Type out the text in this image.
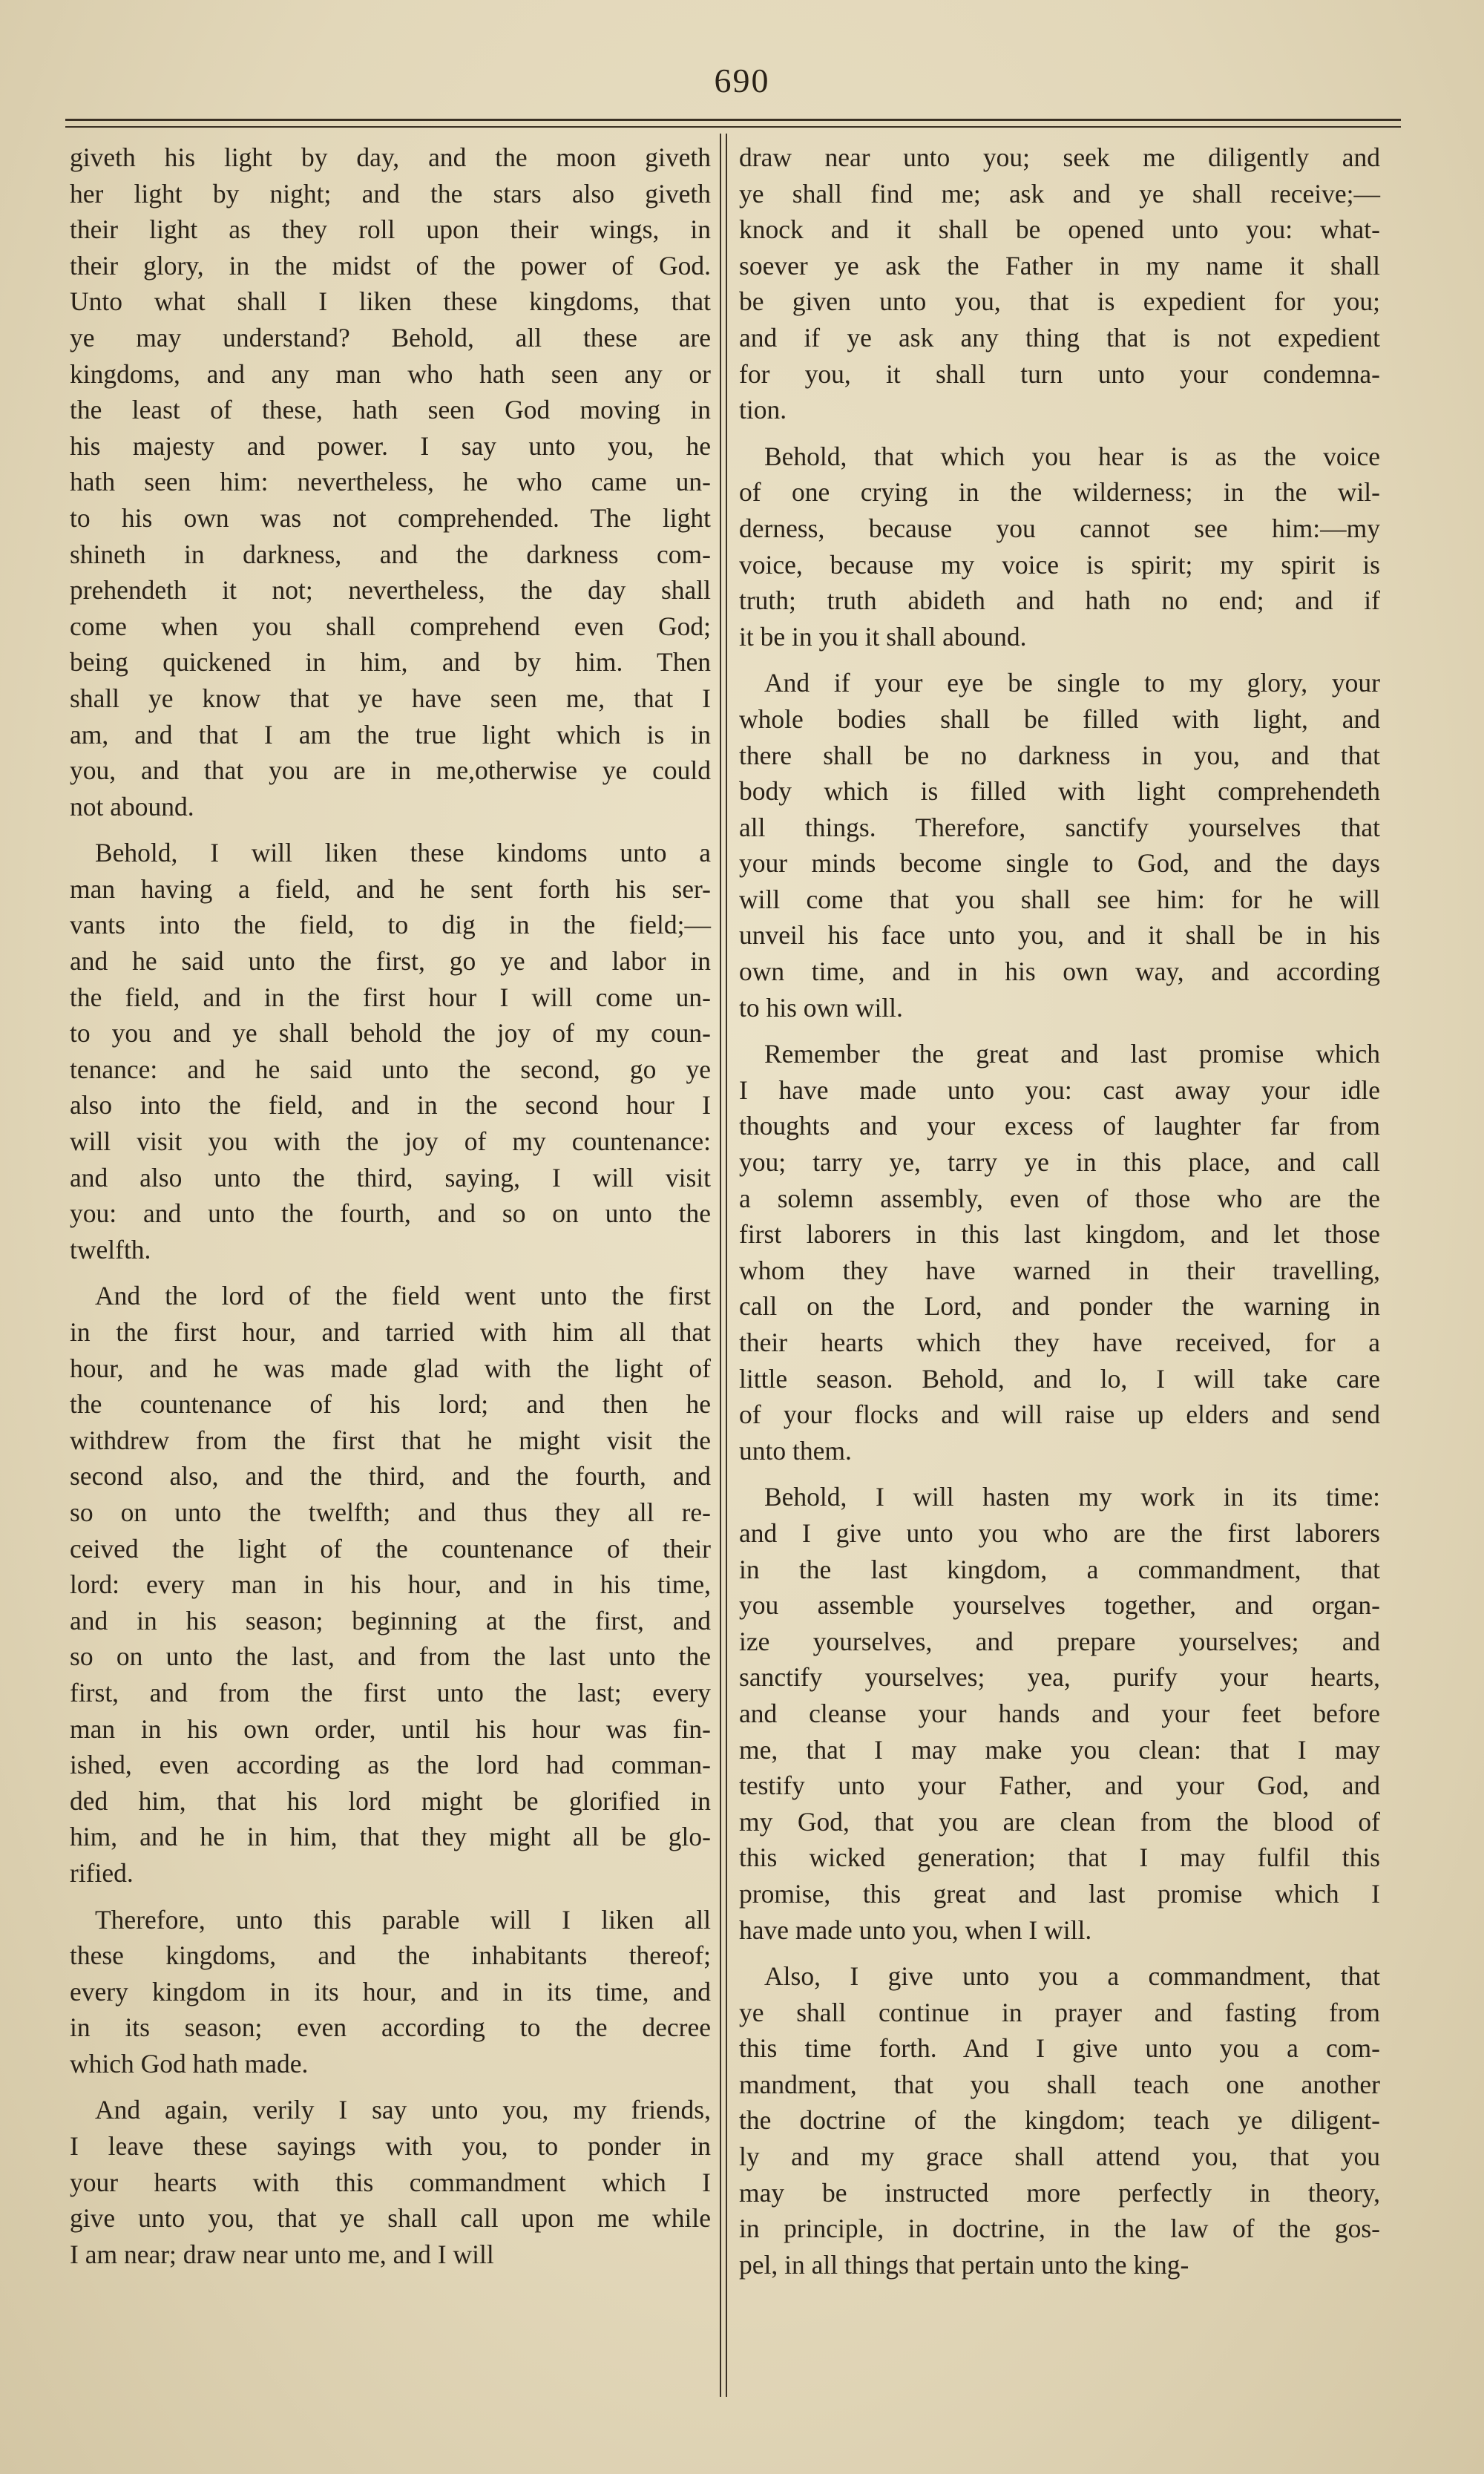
690
giveth his light by day, and the moon giveth
her light by night; and the stars also giveth
their light as they roll upon their wings, in
their glory, in the midst of the power of God.
Unto what shall I liken these kingdoms, that
ye may understand? Behold, all these are
kingdoms, and any man who hath seen any or
the least of these, hath seen God moving in
his majesty and power. I say unto you, he
hath seen him: nevertheless, he who came un-
to his own was not comprehended. The light
shineth in darkness, and the darkness com-
prehendeth it not; nevertheless, the day shall
come when you shall comprehend even God;
being quickened in him, and by him. Then
shall ye know that ye have seen me, that I
am, and that I am the true light which is in
you, and that you are in me,otherwise ye could
not abound.
Behold, I will liken these kindoms unto a
man having a field, and he sent forth his ser-
vants into the field, to dig in the field;—
and he said unto the first, go ye and labor in
the field, and in the first hour I will come un-
to you and ye shall behold the joy of my coun-
tenance: and he said unto the second, go ye
also into the field, and in the second hour I
will visit you with the joy of my countenance:
and also unto the third, saying, I will visit
you: and unto the fourth, and so on unto the
twelfth.
And the lord of the field went unto the first
in the first hour, and tarried with him all that
hour, and he was made glad with the light of
the countenance of his lord; and then he
withdrew from the first that he might visit the
second also, and the third, and the fourth, and
so on unto the twelfth; and thus they all re-
ceived the light of the countenance of their
lord: every man in his hour, and in his time,
and in his season; beginning at the first, and
so on unto the last, and from the last unto the
first, and from the first unto the last; every
man in his own order, until his hour was fin-
ished, even according as the lord had comman-
ded him, that his lord might be glorified in
him, and he in him, that they might all be glo-
rified.
Therefore, unto this parable will I liken all
these kingdoms, and the inhabitants thereof;
every kingdom in its hour, and in its time, and
in its season; even according to the decree
which God hath made.
And again, verily I say unto you, my friends,
I leave these sayings with you, to ponder in
your hearts with this commandment which I
give unto you, that ye shall call upon me while
I am near; draw near unto me, and I will
draw near unto you; seek me diligently and
ye shall find me; ask and ye shall receive;—
knock and it shall be opened unto you: what-
soever ye ask the Father in my name it shall
be given unto you, that is expedient for you;
and if ye ask any thing that is not expedient
for you, it shall turn unto your condemna-
tion.
Behold, that which you hear is as the voice
of one crying in the wilderness; in the wil-
derness, because you cannot see him:—my
voice, because my voice is spirit; my spirit is
truth; truth abideth and hath no end; and if
it be in you it shall abound.
And if your eye be single to my glory, your
whole bodies shall be filled with light, and
there shall be no darkness in you, and that
body which is filled with light comprehendeth
all things. Therefore, sanctify yourselves that
your minds become single to God, and the days
will come that you shall see him: for he will
unveil his face unto you, and it shall be in his
own time, and in his own way, and according
to his own will.
Remember the great and last promise which
I have made unto you: cast away your idle
thoughts and your excess of laughter far from
you; tarry ye, tarry ye in this place, and call
a solemn assembly, even of those who are the
first laborers in this last kingdom, and let those
whom they have warned in their travelling,
call on the Lord, and ponder the warning in
their hearts which they have received, for a
little season. Behold, and lo, I will take care
of your flocks and will raise up elders and send
unto them.
Behold, I will hasten my work in its time:
and I give unto you who are the first laborers
in the last kingdom, a commandment, that
you assemble yourselves together, and organ-
ize yourselves, and prepare yourselves; and
sanctify yourselves; yea, purify your hearts,
and cleanse your hands and your feet before
me, that I may make you clean: that I may
testify unto your Father, and your God, and
my God, that you are clean from the blood of
this wicked generation; that I may fulfil this
promise, this great and last promise which I
have made unto you, when I will.
Also, I give unto you a commandment, that
ye shall continue in prayer and fasting from
this time forth. And I give unto you a com-
mandment, that you shall teach one another
the doctrine of the kingdom; teach ye diligent-
ly and my grace shall attend you, that you
may be instructed more perfectly in theory,
in principle, in doctrine, in the law of the gos-
pel, in all things that pertain unto the king-
